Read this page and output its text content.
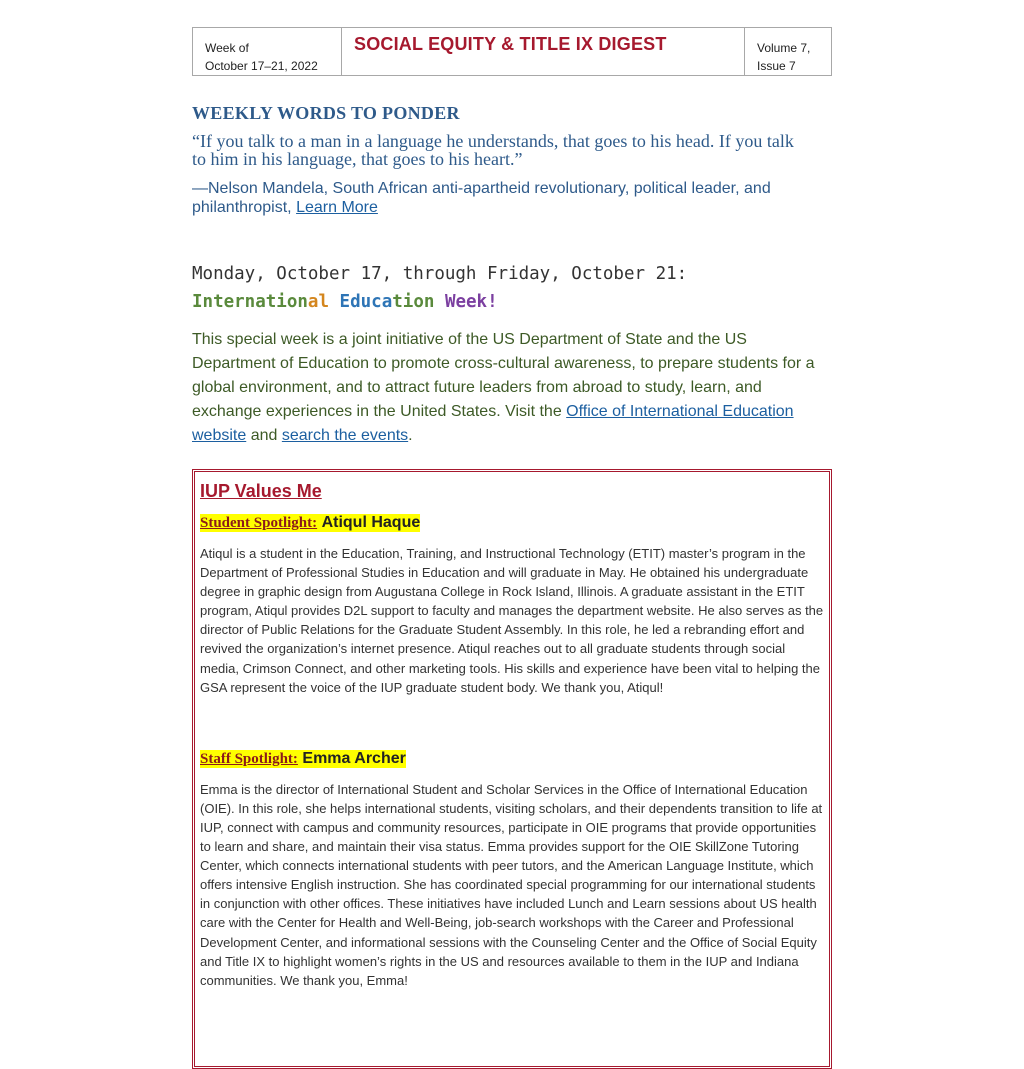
Week of
October 17–21, 2022
SOCIAL EQUITY & TITLE IX DIGEST	Volume 7,
Issue 7
WEEKLY WORDS TO PONDER
“If you talk to a man in a language he understands, that goes to his head. If you talk to him in his language, that goes to his heart.”
—Nelson Mandela, South African anti-apartheid revolutionary, political leader, and philanthropist, Learn More
Monday, October 17, through Friday, October 21: International Education Week!
This special week is a joint initiative of the US Department of State and the US Department of Education to promote cross-cultural awareness, to prepare students for a global environment, and to attract future leaders from abroad to study, learn, and exchange experiences in the United States. Visit the Office of International Education website and search the events.
IUP Values Me
Student Spotlight: Atiqul Haque
Atiqul is a student in the Education, Training, and Instructional Technology (ETIT) master’s program in the Department of Professional Studies in Education and will graduate in May. He obtained his undergraduate degree in graphic design from Augustana College in Rock Island, Illinois. A graduate assistant in the ETIT program, Atiqul provides D2L support to faculty and manages the department website. He also serves as the director of Public Relations for the Graduate Student Assembly. In this role, he led a rebranding effort and revived the organization’s internet presence. Atiqul reaches out to all graduate students through social media, Crimson Connect, and other marketing tools. His skills and experience have been vital to helping the GSA represent the voice of the IUP graduate student body. We thank you, Atiqul!
Staff Spotlight: Emma Archer
Emma is the director of International Student and Scholar Services in the Office of International Education (OIE). In this role, she helps international students, visiting scholars, and their dependents transition to life at IUP, connect with campus and community resources, participate in OIE programs that provide opportunities to learn and share, and maintain their visa status. Emma provides support for the OIE SkillZone Tutoring Center, which connects international students with peer tutors, and the American Language Institute, which offers intensive English instruction. She has coordinated special programming for our international students in conjunction with other offices. These initiatives have included Lunch and Learn sessions about US health care with the Center for Health and Well-Being, job-search workshops with the Career and Professional Development Center, and informational sessions with the Counseling Center and the Office of Social Equity and Title IX to highlight women’s rights in the US and resources available to them in the IUP and Indiana communities. We thank you, Emma!
